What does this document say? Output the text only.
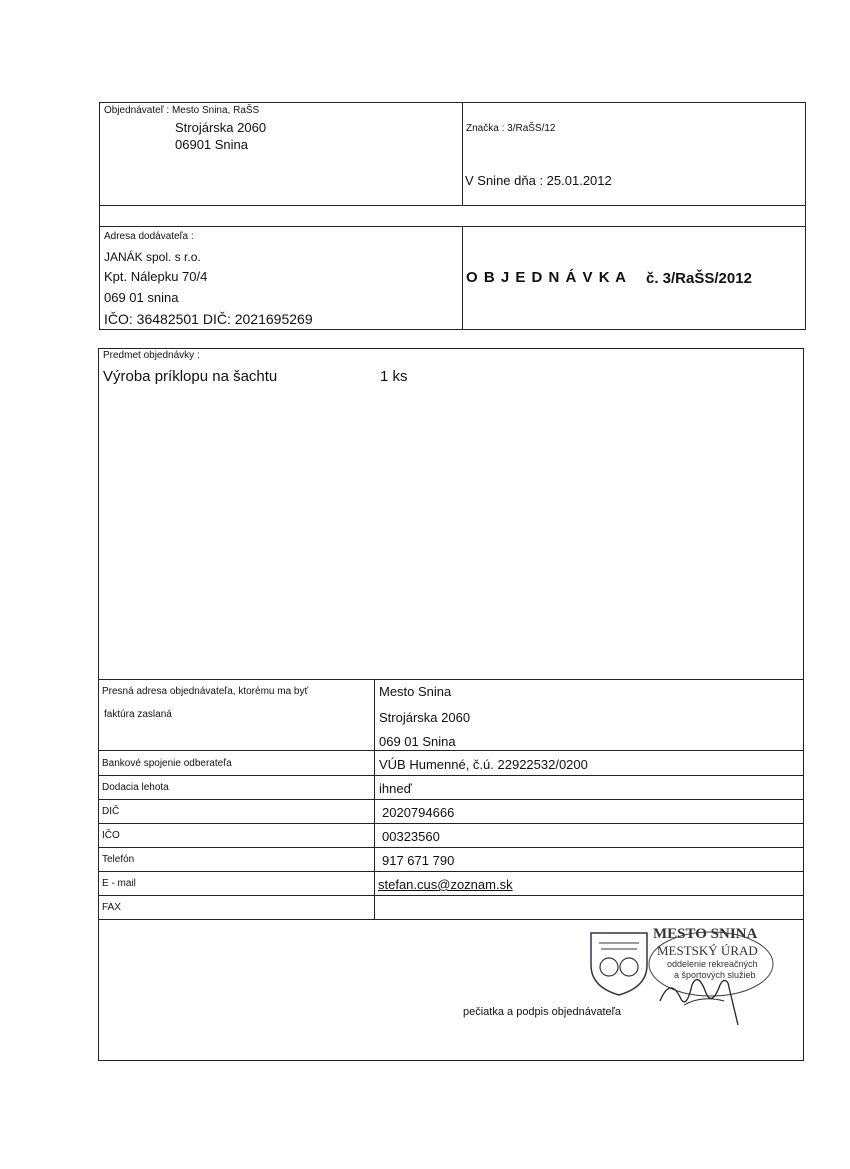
Objednávateľ : Mesto Snina, RaŠS
Strojárska 2060
06901 Snina
Značka : 3/RaŠS/12
V Snine dňa : 25.01.2012
Adresa dodávateľa :
JANÁK spol. s r.o.
Kpt. Nálepku 70/4
069 01 snina
IČO: 36482501 DIČ: 2021695269
O B J E D N Á V K A č. 3/RaŠS/2012
Predmet objednávky :
Výroba príklopu na šachtu	1 ks
Presná adresa objednávateľa, ktorému ma byť
faktúra zaslaná
Mesto Snina
Strojárska 2060
069 01 Snina
Bankové spojenie odberateľa	VÚB Humenné, č.ú. 22922532/0200
Dodacia lehota	ihneď
DIČ	2020794666
IČO	00323560
Telefón	917 671 790
E - mail	stefan.cus@zoznam.sk
FAX
MESTO SNINA
MESTSKÝ ÚRAD
oddelenie rekreačných
a športových služieb
pečiatka a podpis objednávateľa
